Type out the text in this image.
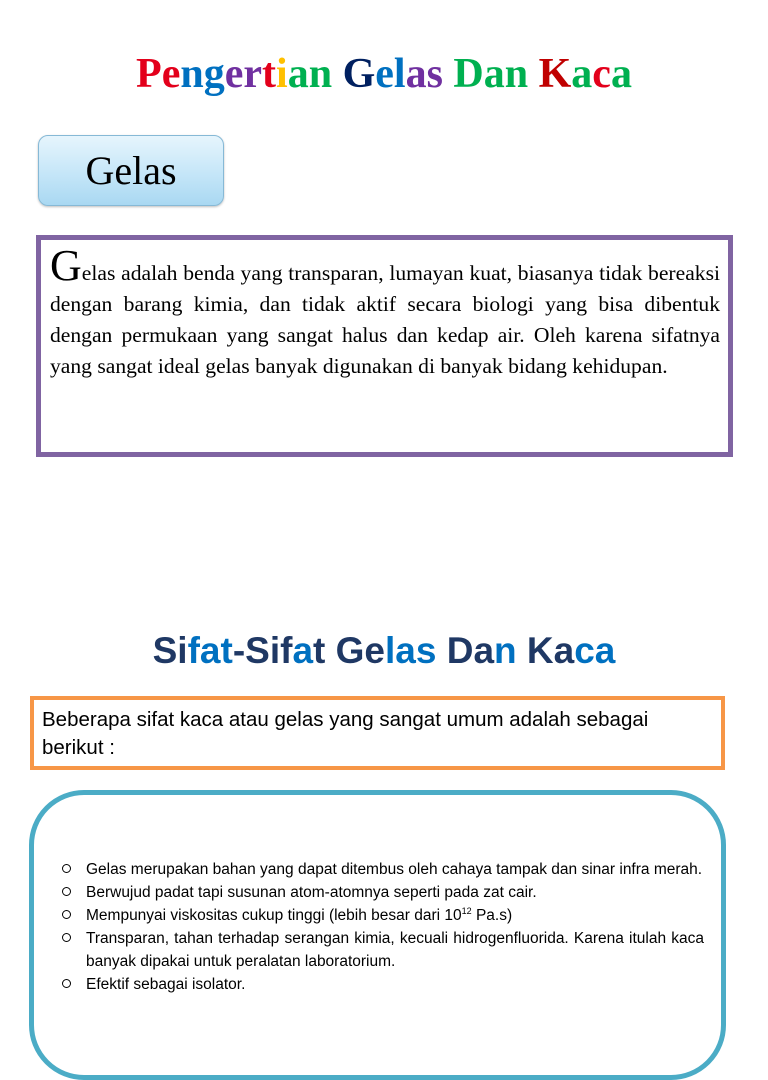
Pengertian Gelas Dan Kaca
Gelas

Gelas adalah benda yang transparan, lumayan kuat, biasanya tidak bereaksi dengan barang kimia, dan tidak aktif secara biologi yang bisa dibentuk dengan permukaan yang sangat halus dan kedap air. Oleh karena sifatnya yang sangat ideal gelas banyak digunakan di banyak bidang kehidupan.

Sifat-Sifat Gelas Dan Kaca

Beberapa sifat kaca atau gelas yang sangat umum adalah sebagai berikut :

Gelas merupakan bahan yang dapat ditembus oleh cahaya tampak dan sinar infra merah.
Berwujud padat tapi susunan atom-atomnya seperti pada zat cair.
Mempunyai viskositas cukup tinggi (lebih besar dari $10^{12}$ Pa.s)
Transparan, tahan terhadap serangan kimia, kecuali hidrogenfluorida. Karena itulah kaca banyak dipakai untuk peralatan laboratorium.
Efektif sebagai isolator.
